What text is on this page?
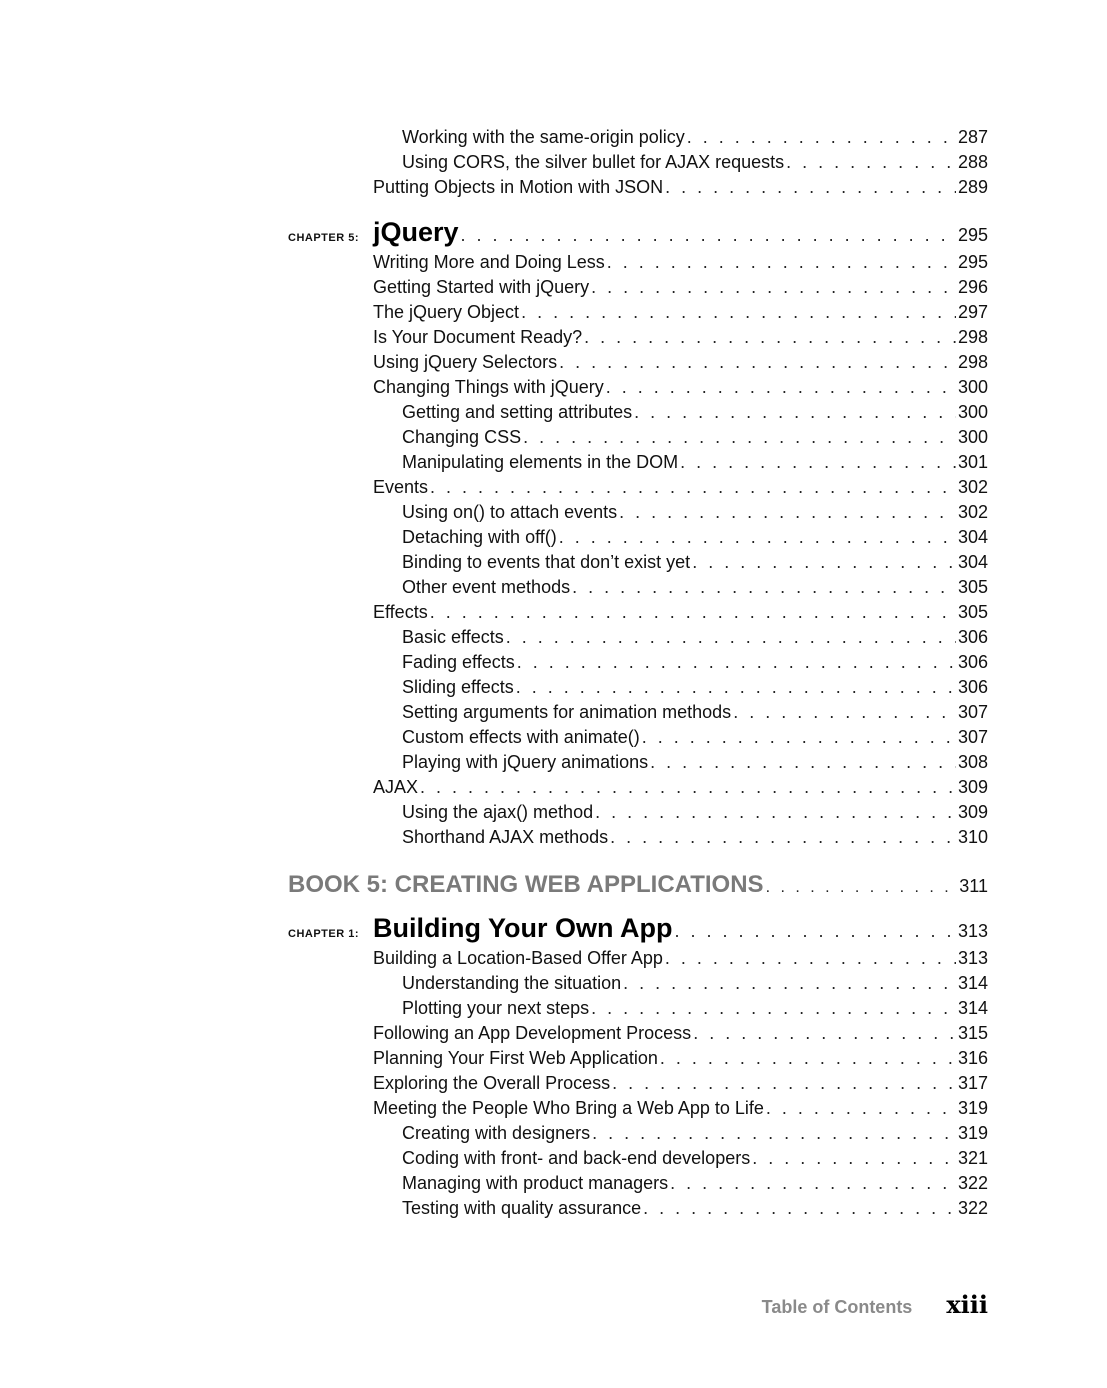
Working with the same-origin policy . . .	287
Using CORS, the silver bullet for AJAX requests . . .	288
Putting Objects in Motion with JSON . . .	289
CHAPTER 5: jQuery . . .	295
Writing More and Doing Less . . .	295
Getting Started with jQuery . . .	296
The jQuery Object . . .	297
Is Your Document Ready? . . .	298
Using jQuery Selectors . . .	298
Changing Things with jQuery . . .	300
Getting and setting attributes . . .	300
Changing CSS . . .	300
Manipulating elements in the DOM . . .	301
Events . . .	302
Using on() to attach events . . .	302
Detaching with off() . . .	304
Binding to events that don’t exist yet . . .	304
Other event methods . . .	305
Effects . . .	305
Basic effects . . .	306
Fading effects . . .	306
Sliding effects . . .	306
Setting arguments for animation methods . . .	307
Custom effects with animate() . . .	307
Playing with jQuery animations . . .	308
AJAX . . .	309
Using the ajax() method . . .	309
Shorthand AJAX methods . . .	310
BOOK 5: CREATING WEB APPLICATIONS . . .	311
CHAPTER 1: Building Your Own App . . .	313
Building a Location-Based Offer App . . .	313
Understanding the situation . . .	314
Plotting your next steps . . .	314
Following an App Development Process . . .	315
Planning Your First Web Application . . .	316
Exploring the Overall Process . . .	317
Meeting the People Who Bring a Web App to Life . . .	319
Creating with designers . . .	319
Coding with front- and back-end developers . . .	321
Managing with product managers . . .	322
Testing with quality assurance . . .	322
Table of Contents xiii
